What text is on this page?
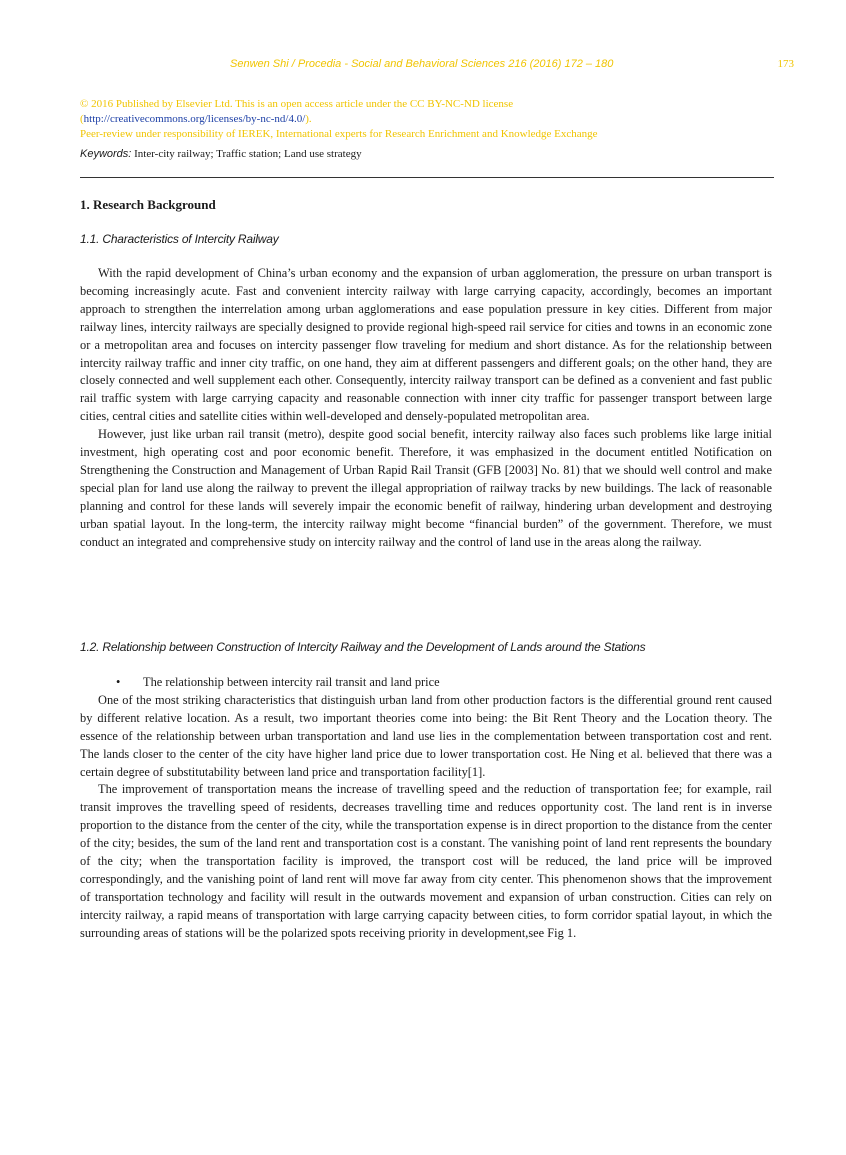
Senwen Shi / Procedia - Social and Behavioral Sciences 216 (2016) 172 – 180	173
© 2016 Published by Elsevier Ltd. This is an open access article under the CC BY-NC-ND license
(http://creativecommons.org/licenses/by-nc-nd/4.0/).
Peer-review under responsibility of IEREK, International experts for Research Enrichment and Knowledge Exchange
Keywords: Inter-city railway; Traffic station; Land use strategy
1. Research Background
1.1. Characteristics of Intercity Railway

With the rapid development of China’s urban economy and the expansion of urban agglomeration, the pressure on urban transport is becoming increasingly acute. Fast and convenient intercity railway with large carrying capacity, accordingly, becomes an important approach to strengthen the interrelation among urban agglomerations and ease population pressure in key cities. Different from major railway lines, intercity railways are specially designed to provide regional high-speed rail service for cities and towns in an economic zone or a metropolitan area and focuses on intercity passenger flow traveling for medium and short distance. As for the relationship between intercity railway traffic and inner city traffic, on one hand, they aim at different passengers and different goals; on the other hand, they are closely connected and well supplement each other. Consequently, intercity railway transport can be defined as a convenient and fast public rail traffic system with large carrying capacity and reasonable connection with inner city traffic for passenger transport between large cities, central cities and satellite cities within well-developed and densely-populated metropolitan area.

However, just like urban rail transit (metro), despite good social benefit, intercity railway also faces such problems like large initial investment, high operating cost and poor economic benefit. Therefore, it was emphasized in the document entitled Notification on Strengthening the Construction and Management of Urban Rapid Rail Transit (GFB [2003] No. 81) that we should well control and make special plan for land use along the railway to prevent the illegal appropriation of railway tracks by new buildings. The lack of reasonable planning and control for these lands will severely impair the economic benefit of railway, hindering urban development and destroying urban spatial layout. In the long-term, the intercity railway might become “financial burden” of the government. Therefore, we must conduct an integrated and comprehensive study on intercity railway and the control of land use in the areas along the railway.

1.2. Relationship between Construction of Intercity Railway and the Development of Lands around the Stations

• The relationship between intercity rail transit and land price

One of the most striking characteristics that distinguish urban land from other production factors is the differential ground rent caused by different relative location. As a result, two important theories come into being: the Bit Rent Theory and the Location theory. The essence of the relationship between urban transportation and land use lies in the complementation between transportation cost and rent. The lands closer to the center of the city have higher land price due to lower transportation cost. He Ning et al. believed that there was a certain degree of substitutability between land price and transportation facility[1].

The improvement of transportation means the increase of travelling speed and the reduction of transportation fee; for example, rail transit improves the travelling speed of residents, decreases travelling time and reduces opportunity cost. The land rent is in inverse proportion to the distance from the center of the city, while the transportation expense is in direct proportion to the distance from the center of the city; besides, the sum of the land rent and transportation cost is a constant. The vanishing point of land rent represents the boundary of the city; when the transportation facility is improved, the transport cost will be reduced, the land price will be improved correspondingly, and the vanishing point of land rent will move far away from city center. This phenomenon shows that the improvement of transportation technology and facility will result in the outwards movement and expansion of urban construction. Cities can rely on intercity railway, a rapid means of transportation with large carrying capacity between cities, to form corridor spatial layout, in which the surrounding areas of stations will be the polarized spots receiving priority in development,see Fig 1.
